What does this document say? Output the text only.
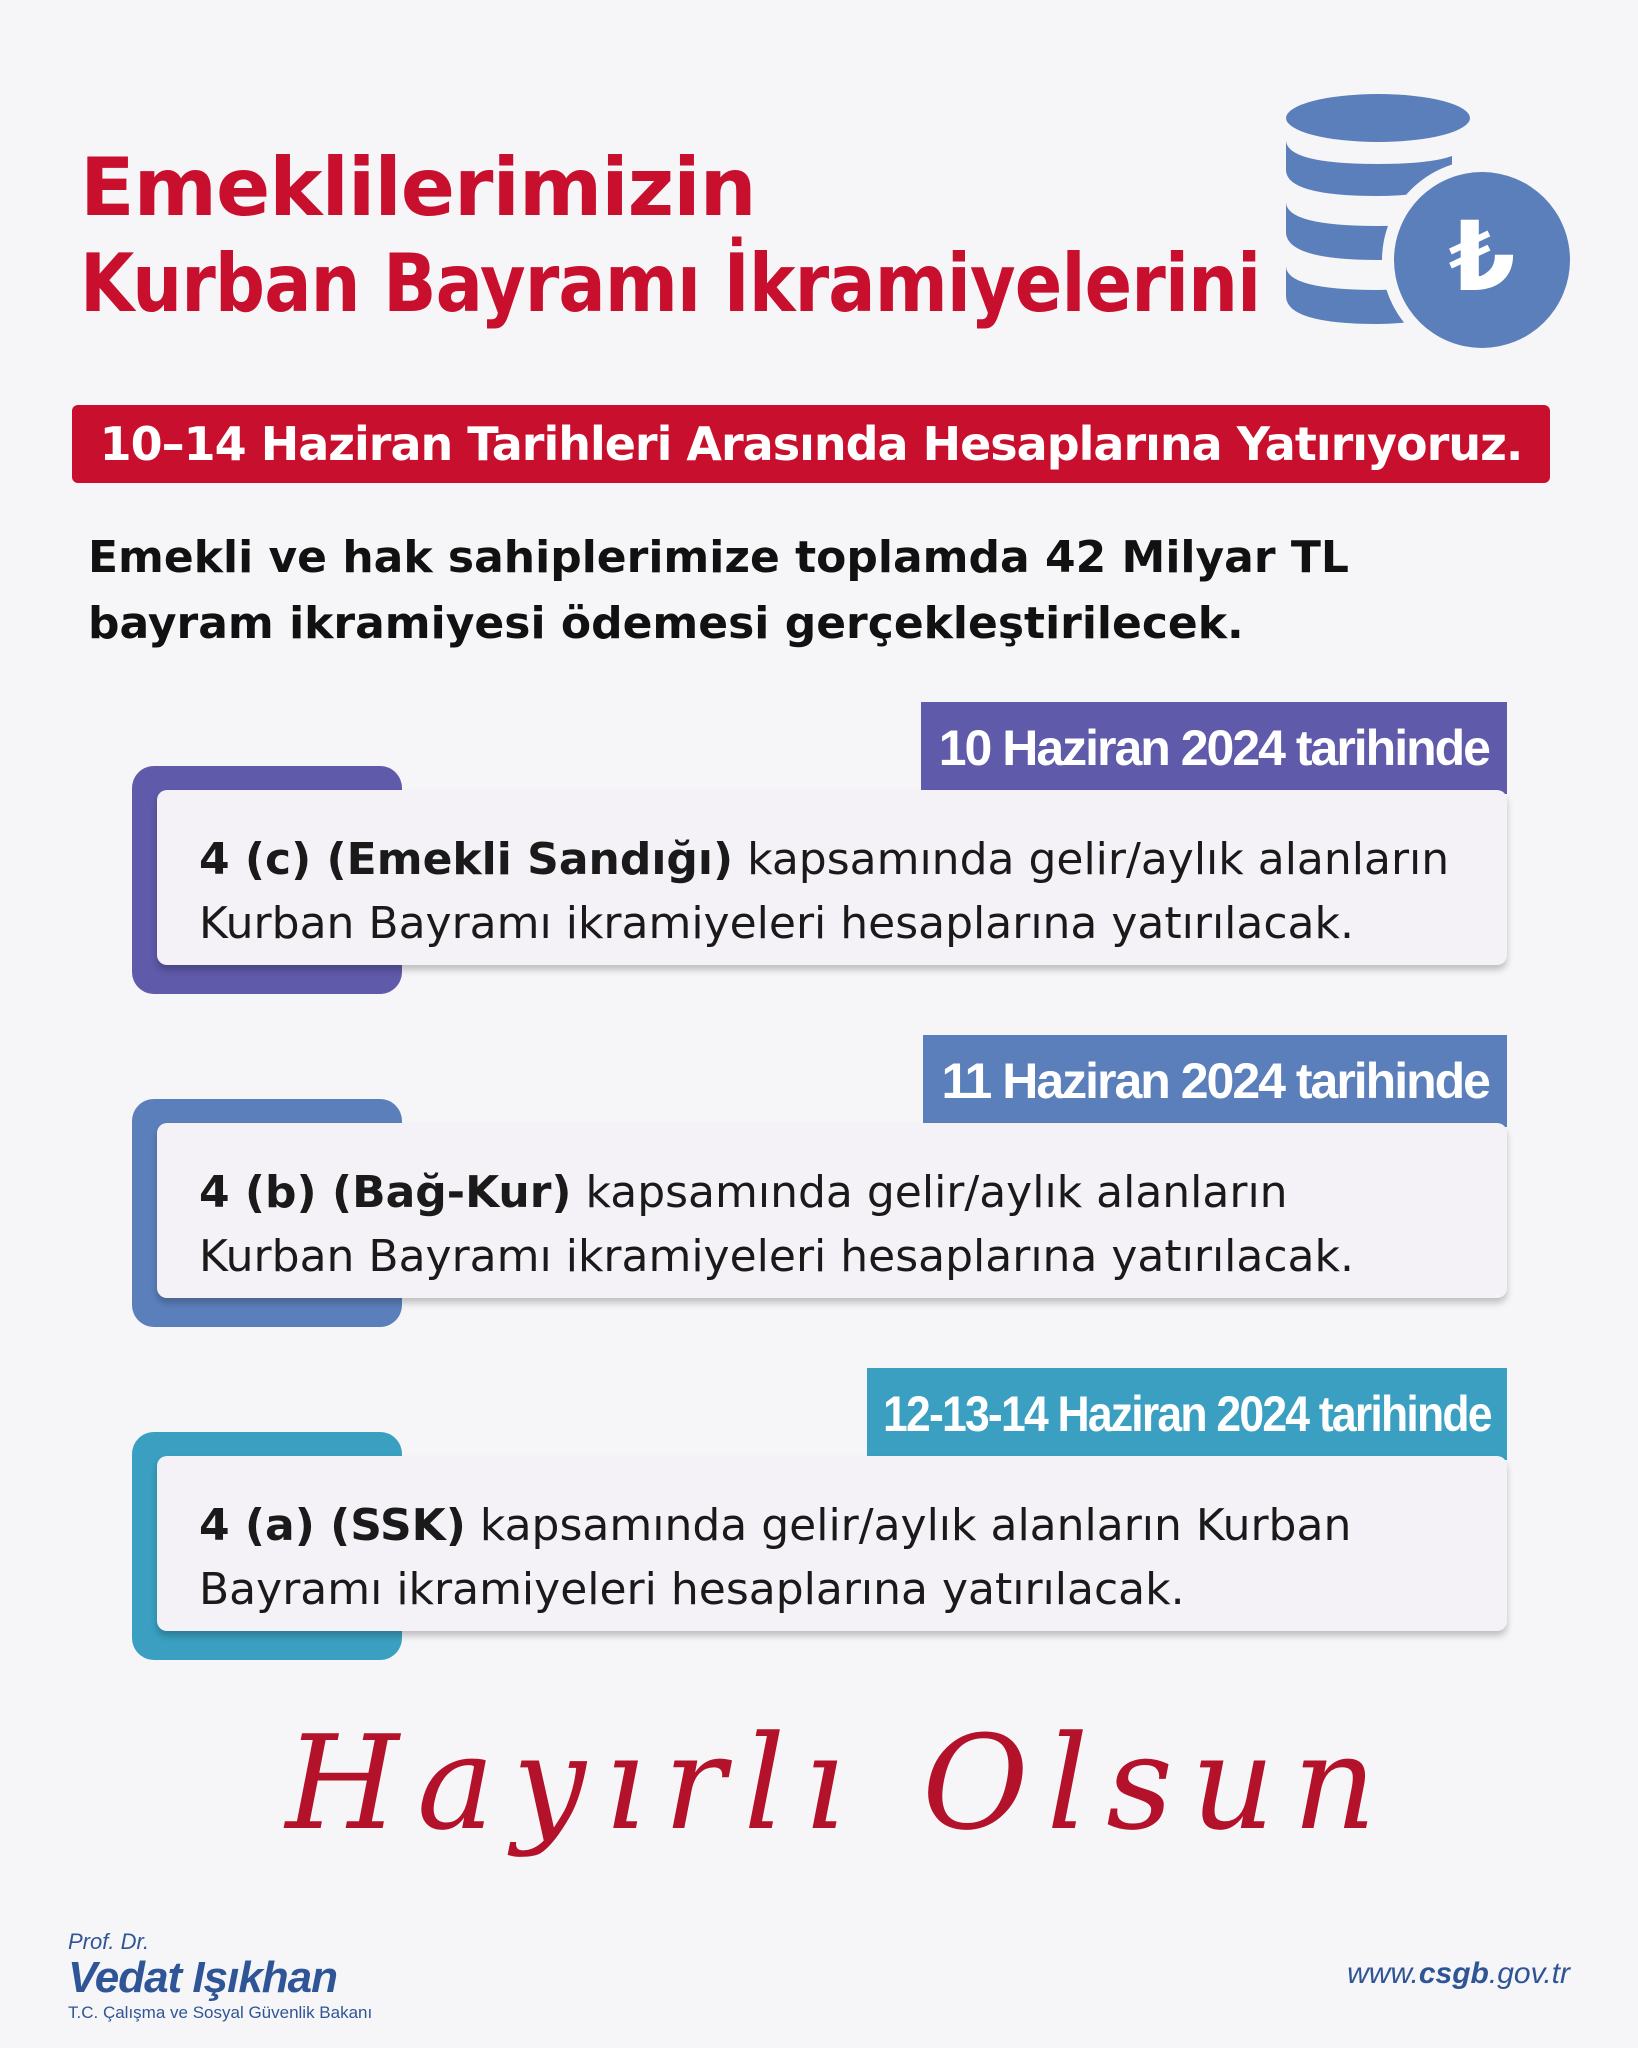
Emeklilerimizin
Kurban Bayramı İkramiyelerini ₺
10–14 Haziran Tarihleri Arasında Hesaplarına Yatırıyoruz.
Emekli ve hak sahiplerimize toplamda 42 Milyar TL
bayram ikramiyesi ödemesi gerçekleştirilecek.
10 Haziran 2024 tarihinde
4 (c) (Emekli Sandığı) kapsamında gelir/aylık alanların
Kurban Bayramı ikramiyeleri hesaplarına yatırılacak.
11 Haziran 2024 tarihinde
4 (b) (Bağ-Kur) kapsamında gelir/aylık alanların
Kurban Bayramı ikramiyeleri hesaplarına yatırılacak.
12-13-14 Haziran 2024 tarihinde
4 (a) (SSK) kapsamında gelir/aylık alanların Kurban
Bayramı ikramiyeleri hesaplarına yatırılacak.
Hayırlı Olsun
Prof. Dr.
Vedat Işıkhan
T.C. Çalışma ve Sosyal Güvenlik Bakanı
www.csgb.gov.tr
